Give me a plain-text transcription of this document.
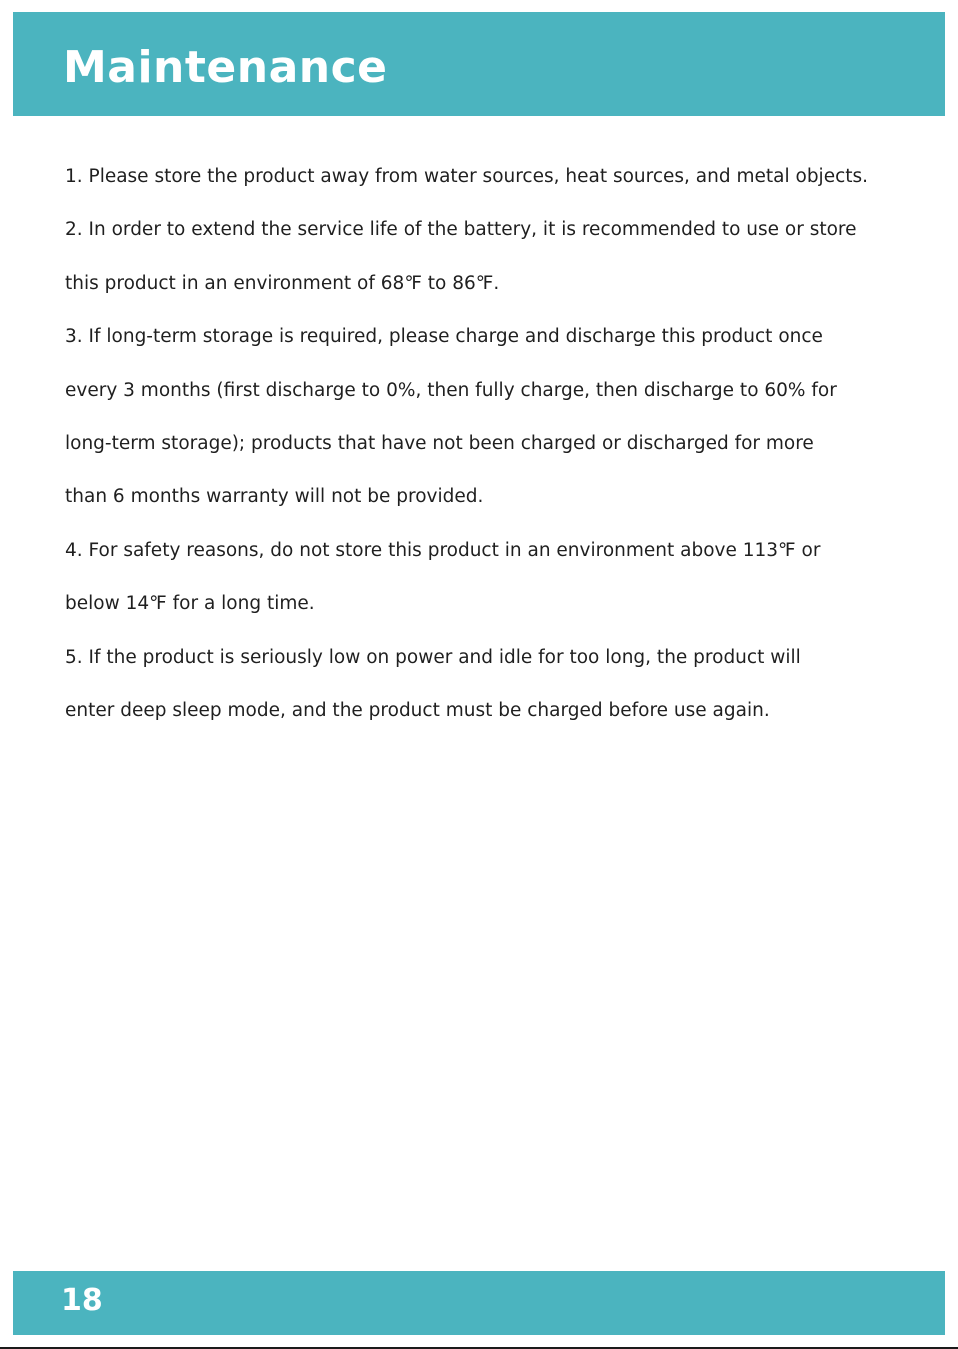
Maintenance
1. Please store the product away from water sources, heat sources, and metal objects.
2. In order to extend the service life of the battery, it is recommended to use or store
this product in an environment of 68℉ to 86℉.
3. If long-term storage is required, please charge and discharge this product once
every 3 months (first discharge to 0%, then fully charge, then discharge to 60% for
long-term storage); products that have not been charged or discharged for more
than 6 months warranty will not be provided.
4. For safety reasons, do not store this product in an environment above 113℉ or
below 14℉ for a long time.
5. If the product is seriously low on power and idle for too long, the product will
enter deep sleep mode, and the product must be charged before use again.
18
